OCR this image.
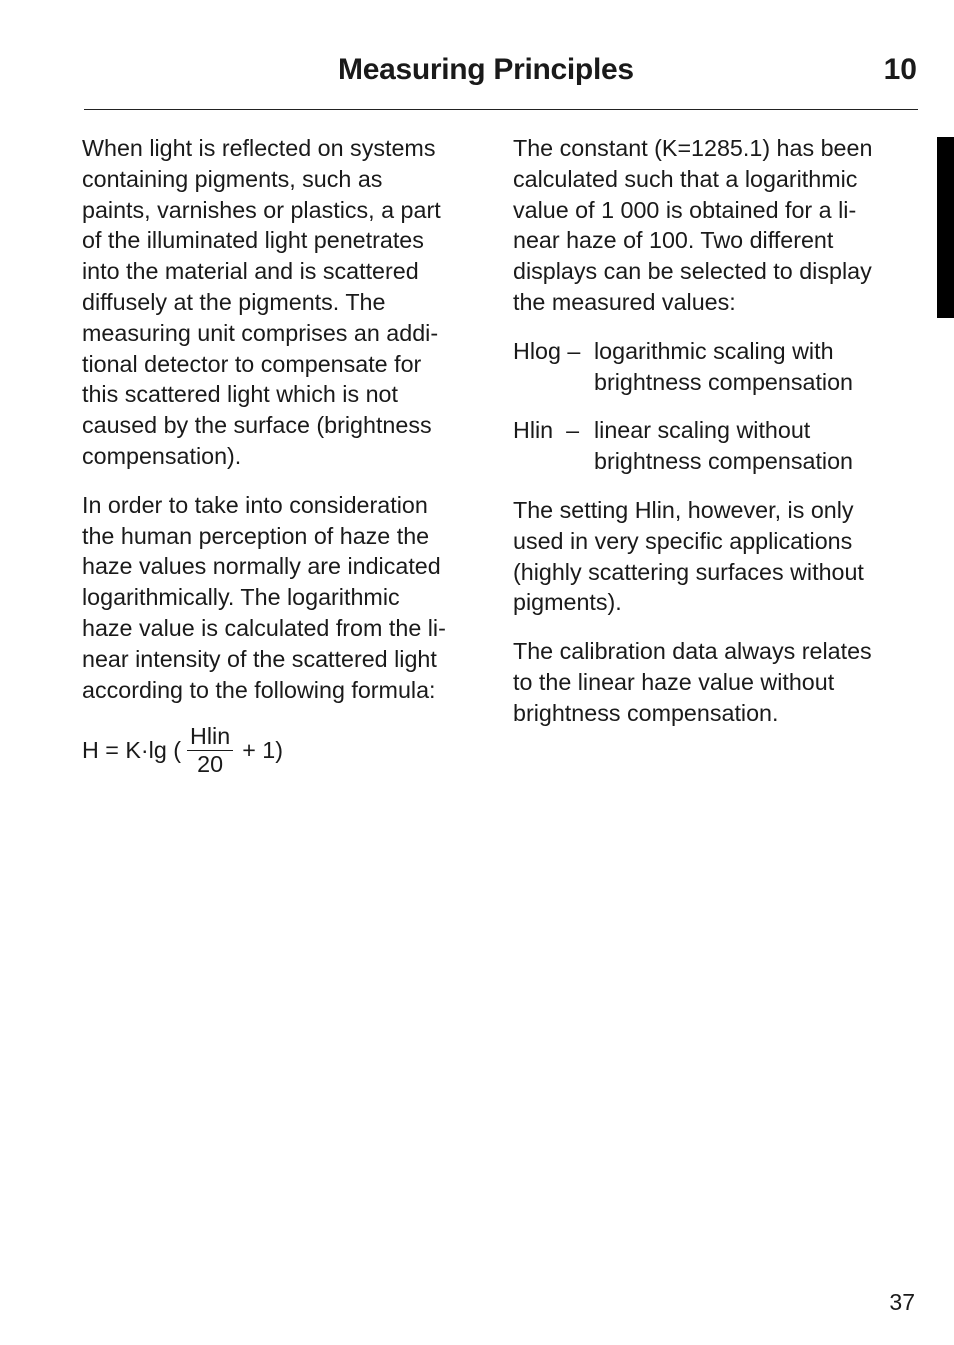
Measuring Principles	10

When light is reflected on systems
containing pigments, such as
paints, varnishes or plastics, a part
of the illuminated light penetrates
into the material and is scattered
diffusely at the pigments. The
measuring unit comprises an addi-
tional detector to compensate for
this scattered light which is not
caused by the surface (brightness
compensation).

In order to take into consideration
the human perception of haze the
haze values normally are indicated
logarithmically. The logarithmic
haze value is calculated from the li-
near intensity of the scattered light
according to the following formula:

H = K·lg ( $\frac{\text{Hlin}}{20} + 1$)

The constant (K=1285.1) has been
calculated such that a logarithmic
value of 1 000 is obtained for a li-
near haze of 100. Two different
displays can be selected to display
the measured values:

Hlog – logarithmic scaling with
brightness compensation
Hlin  – linear scaling without
brightness compensation

The setting Hlin, however, is only
used in very specific applications
(highly scattering surfaces without
pigments).

The calibration data always relates
to the linear haze value without
brightness compensation.

37
